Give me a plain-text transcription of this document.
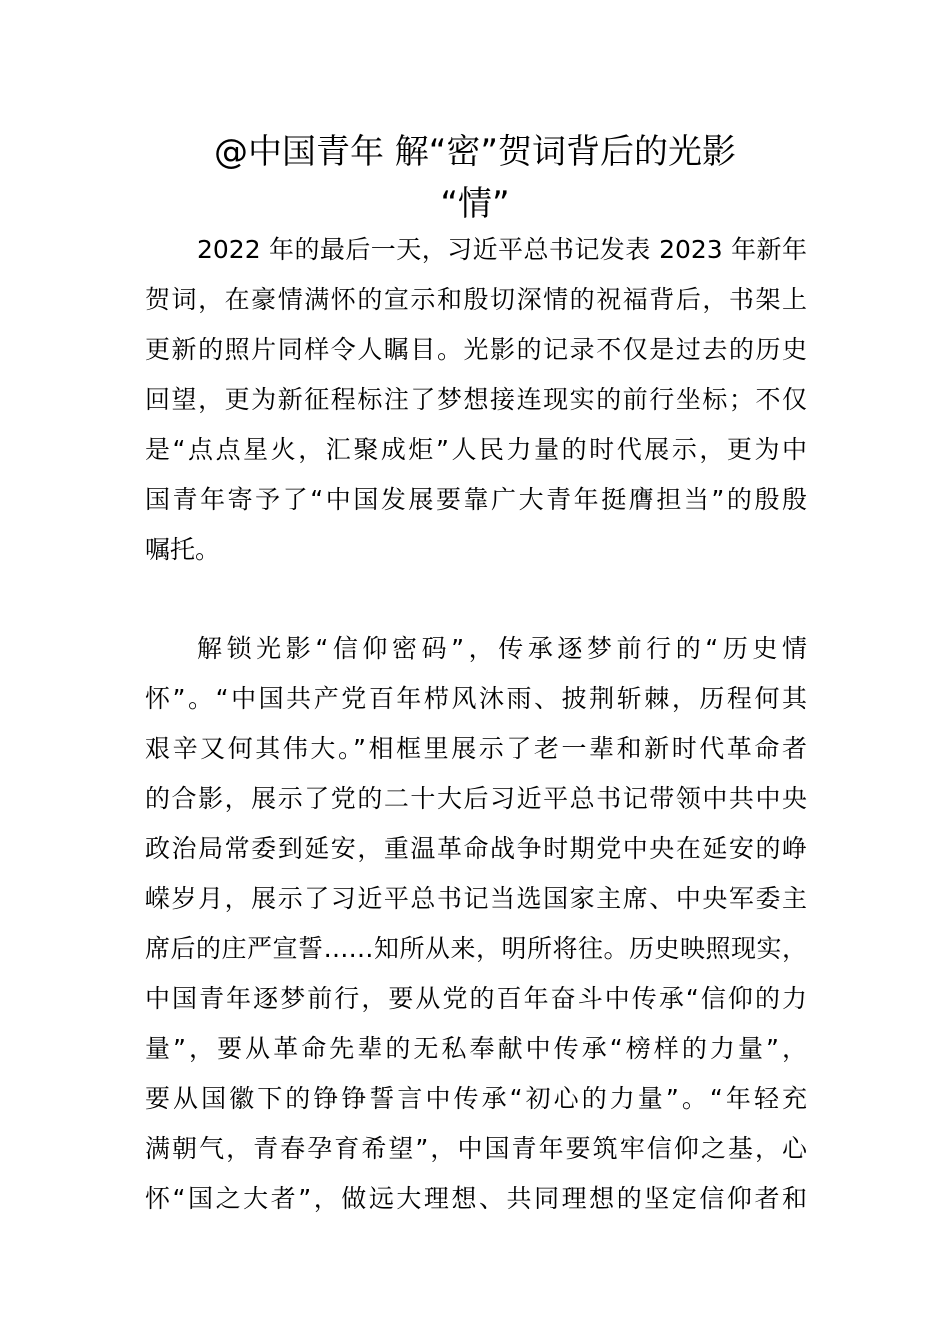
@中国青年 解“密”贺词背后的光影
“情”
2022 年的最后一天，习近平总书记发表 2023 年新年
贺词，在豪情满怀的宣示和殷切深情的祝福背后，书架上
更新的照片同样令人瞩目。光影的记录不仅是过去的历史
回望，更为新征程标注了梦想接连现实的前行坐标；不仅
是“点点星火，汇聚成炬”人民力量的时代展示，更为中
国青年寄予了“中国发展要靠广大青年挺膺担当”的殷殷
嘱托。
解锁光影“信仰密码”，传承逐梦前行的“历史情
怀”。“中国共产党百年栉风沐雨、披荆斩棘，历程何其
艰辛又何其伟大。”相框里展示了老一辈和新时代革命者
的合影，展示了党的二十大后习近平总书记带领中共中央
政治局常委到延安，重温革命战争时期党中央在延安的峥
嵘岁月，展示了习近平总书记当选国家主席、中央军委主
席后的庄严宣誓……知所从来，明所将往。历史映照现实，
中国青年逐梦前行，要从党的百年奋斗中传承“信仰的力
量”，要从革命先辈的无私奉献中传承“榜样的力量”，
要从国徽下的铮铮誓言中传承“初心的力量”。“年轻充
满朝气，青春孕育希望”，中国青年要筑牢信仰之基，心
怀“国之大者”，做远大理想、共同理想的坚定信仰者和
